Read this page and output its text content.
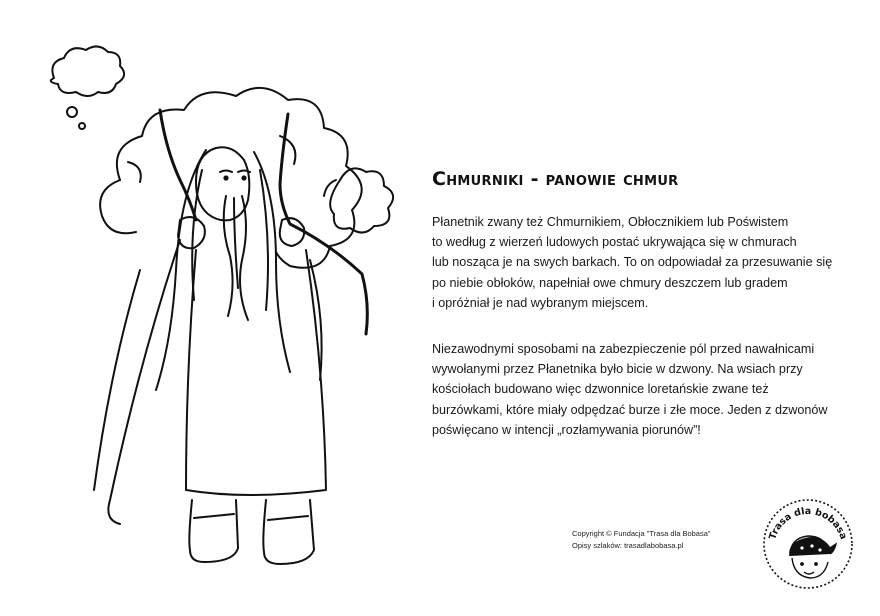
Chmurniki - panowie chmur

Płanetnik zwany też Chmurnikiem, Obłocznikiem lub Poświstem
to według z wierzeń ludowych postać ukrywająca się w chmurach
lub nosząca je na swych barkach. To on odpowiadał za przesuwanie się
po niebie obłoków, napełniał owe chmury deszczem lub gradem
i opróżniał je nad wybranym miejscem.

Niezawodnymi sposobami na zabezpieczenie pól przed nawałnicami
wywołanymi przez Płanetnika było bicie w dzwony. Na wsiach przy
kościołach budowano więc dzwonnice loretańskie zwane też
burzówkami, które miały odpędzać burze i złe moce. Jeden z dzwonów
poświęcano w intencji „rozłamywania piorunów”!

Copyright © Fundacja "Trasa dla Bobasa"
Opisy szlaków: trasadlabobasa.pl
Trasa dla bobasa
